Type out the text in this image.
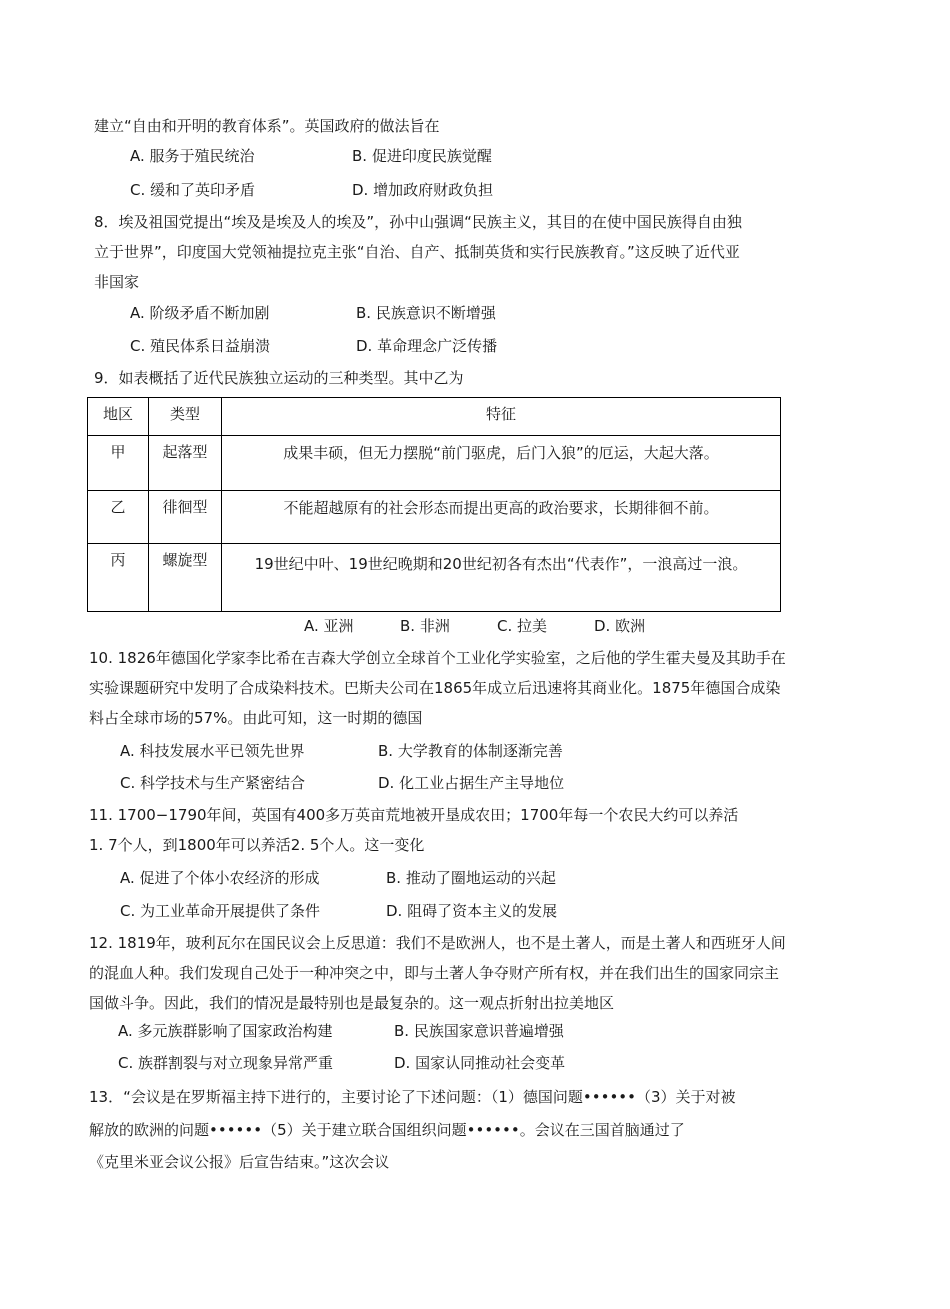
建立“自由和开明的教育体系”。英国政府的做法旨在
A. 服务于殖民统治	B. 促进印度民族觉醒
C. 缓和了英印矛盾	D. 增加政府财政负担
8．埃及祖国党提出“埃及是埃及人的埃及”，孙中山强调“民族主义，其目的在使中国民族得自由独
立于世界”，印度国大党领袖提拉克主张“自治、自产、抵制英货和实行民族教育。”这反映了近代亚
非国家
A. 阶级矛盾不断加剧	B. 民族意识不断增强
C. 殖民体系日益崩溃	D. 革命理念广泛传播
9．如表概括了近代民族独立运动的三种类型。其中乙为
地区	类型	特征

甲	起落型	成果丰硕，但无力摆脱“前门驱虎，后门入狼”的厄运，大起大落。

乙	徘徊型	不能超越原有的社会形态而提出更高的政治要求，长期徘徊不前。

丙	螺旋型	19世纪中叶、19世纪晚期和20世纪初各有杰出“代表作”，一浪高过一浪。
A. 亚洲	B. 非洲	C. 拉美	D. 欧洲
10. 1826年德国化学家李比希在吉森大学创立全球首个工业化学实验室，之后他的学生霍夫曼及其助手在
实验课题研究中发明了合成染料技术。巴斯夫公司在1865年成立后迅速将其商业化。1875年德国合成染
料占全球市场的57%。由此可知，这一时期的德国
A. 科技发展水平已领先世界	B. 大学教育的体制逐渐完善
C. 科学技术与生产紧密结合	D. 化工业占据生产主导地位
11. 1700−1790年间，英国有400多万英亩荒地被开垦成农田；1700年每一个农民大约可以养活
1. 7个人，到1800年可以养活2. 5个人。这一变化
A. 促进了个体小农经济的形成	B. 推动了圈地运动的兴起
C. 为工业革命开展提供了条件	D. 阻碍了资本主义的发展
12. 1819年，玻利瓦尔在国民议会上反思道：我们不是欧洲人，也不是土著人，而是土著人和西班牙人间
的混血人种。我们发现自己处于一种冲突之中，即与土著人争夺财产所有权，并在我们出生的国家同宗主
国做斗争。因此，我们的情况是最特别也是最复杂的。这一观点折射出拉美地区
A. 多元族群影响了国家政治构建	B. 民族国家意识普遍增强
C. 族群割裂与对立现象异常严重	D. 国家认同推动社会变革
13．“会议是在罗斯福主持下进行的，主要讨论了下述问题：（1）德国问题••••••（3）关于对被
解放的欧洲的问题••••••（5）关于建立联合国组织问题••••••。会议在三国首脑通过了
《克里米亚会议公报》后宣告结束。”这次会议
